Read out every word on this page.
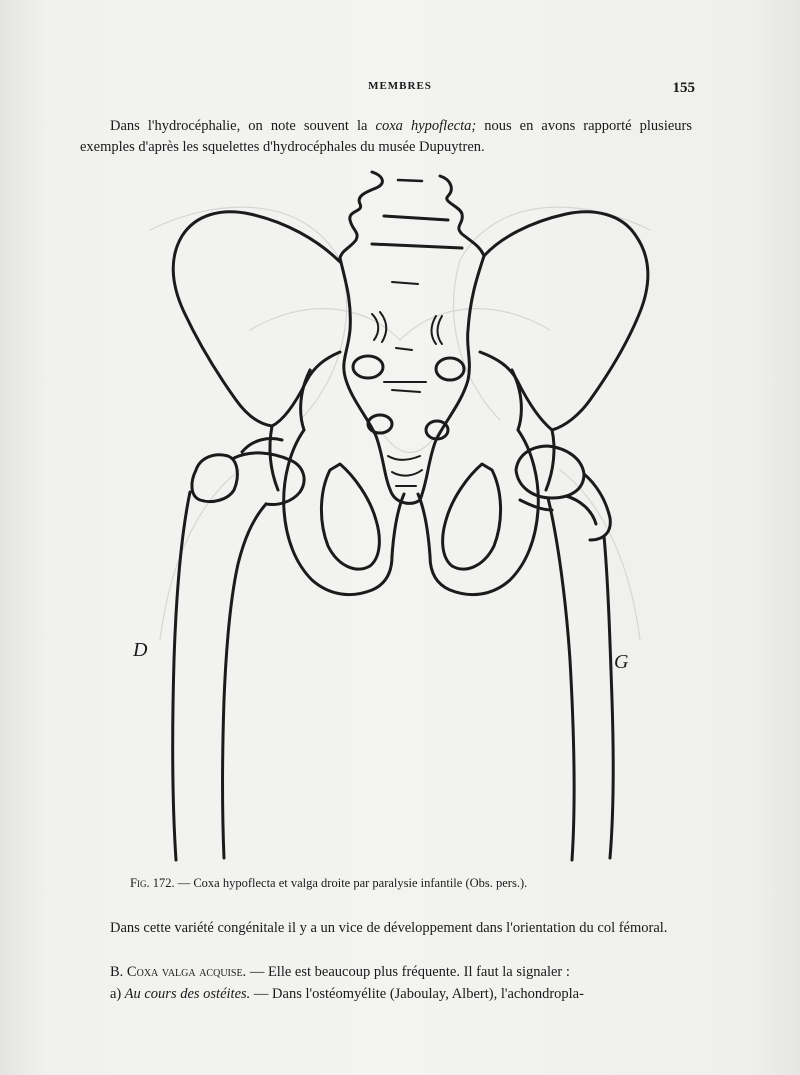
MEMBRES	155

Dans l'hydrocéphalie, on note souvent la coxa hypoflecta; nous en avons rapporté plusieurs exemples d'après les squelettes d'hydrocéphales du musée Dupuytren.

D
G
Fig. 172. — Coxa hypoflecta et valga droite par paralysie infantile (Obs. pers.).

Dans cette variété congénitale il y a un vice de développement dans l'orientation du col fémoral.

B. Coxa valga acquise. — Elle est beaucoup plus fréquente. Il faut la signaler :

a) Au cours des ostéites. — Dans l'ostéomyélite (Jaboulay, Albert), l'achondropla-
